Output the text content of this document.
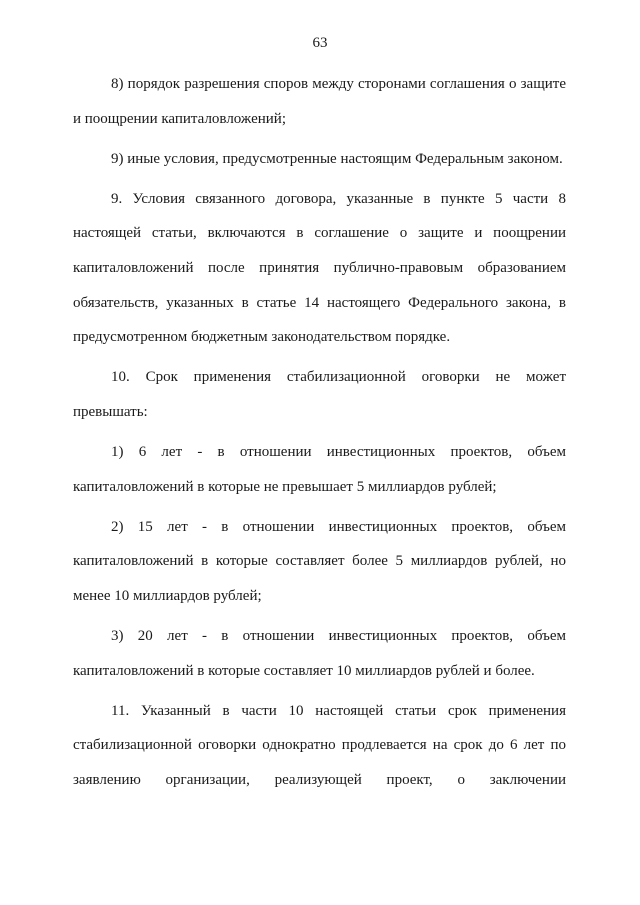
63

8) порядок разрешения споров между сторонами соглашения о защите и поощрении капиталовложений;

9) иные условия, предусмотренные настоящим Федеральным законом.

9. Условия связанного договора, указанные в пункте 5 части 8 настоящей статьи, включаются в соглашение о защите и поощрении капиталовложений после принятия публично-правовым образованием обязательств, указанных в статье 14 настоящего Федерального закона, в предусмотренном бюджетным законодательством порядке.

10. Срок применения стабилизационной оговорки не может превышать:

1) 6 лет - в отношении инвестиционных проектов, объем капиталовложений в которые не превышает 5 миллиардов рублей;

2) 15 лет - в отношении инвестиционных проектов, объем капиталовложений в которые составляет более 5 миллиардов рублей, но менее 10 миллиардов рублей;

3) 20 лет - в отношении инвестиционных проектов, объем капиталовложений в которые составляет 10 миллиардов рублей и более.

11. Указанный в части 10 настоящей статьи срок применения стабилизационной оговорки однократно продлевается на срок до 6 лет по заявлению организации, реализующей проект, о заключении
